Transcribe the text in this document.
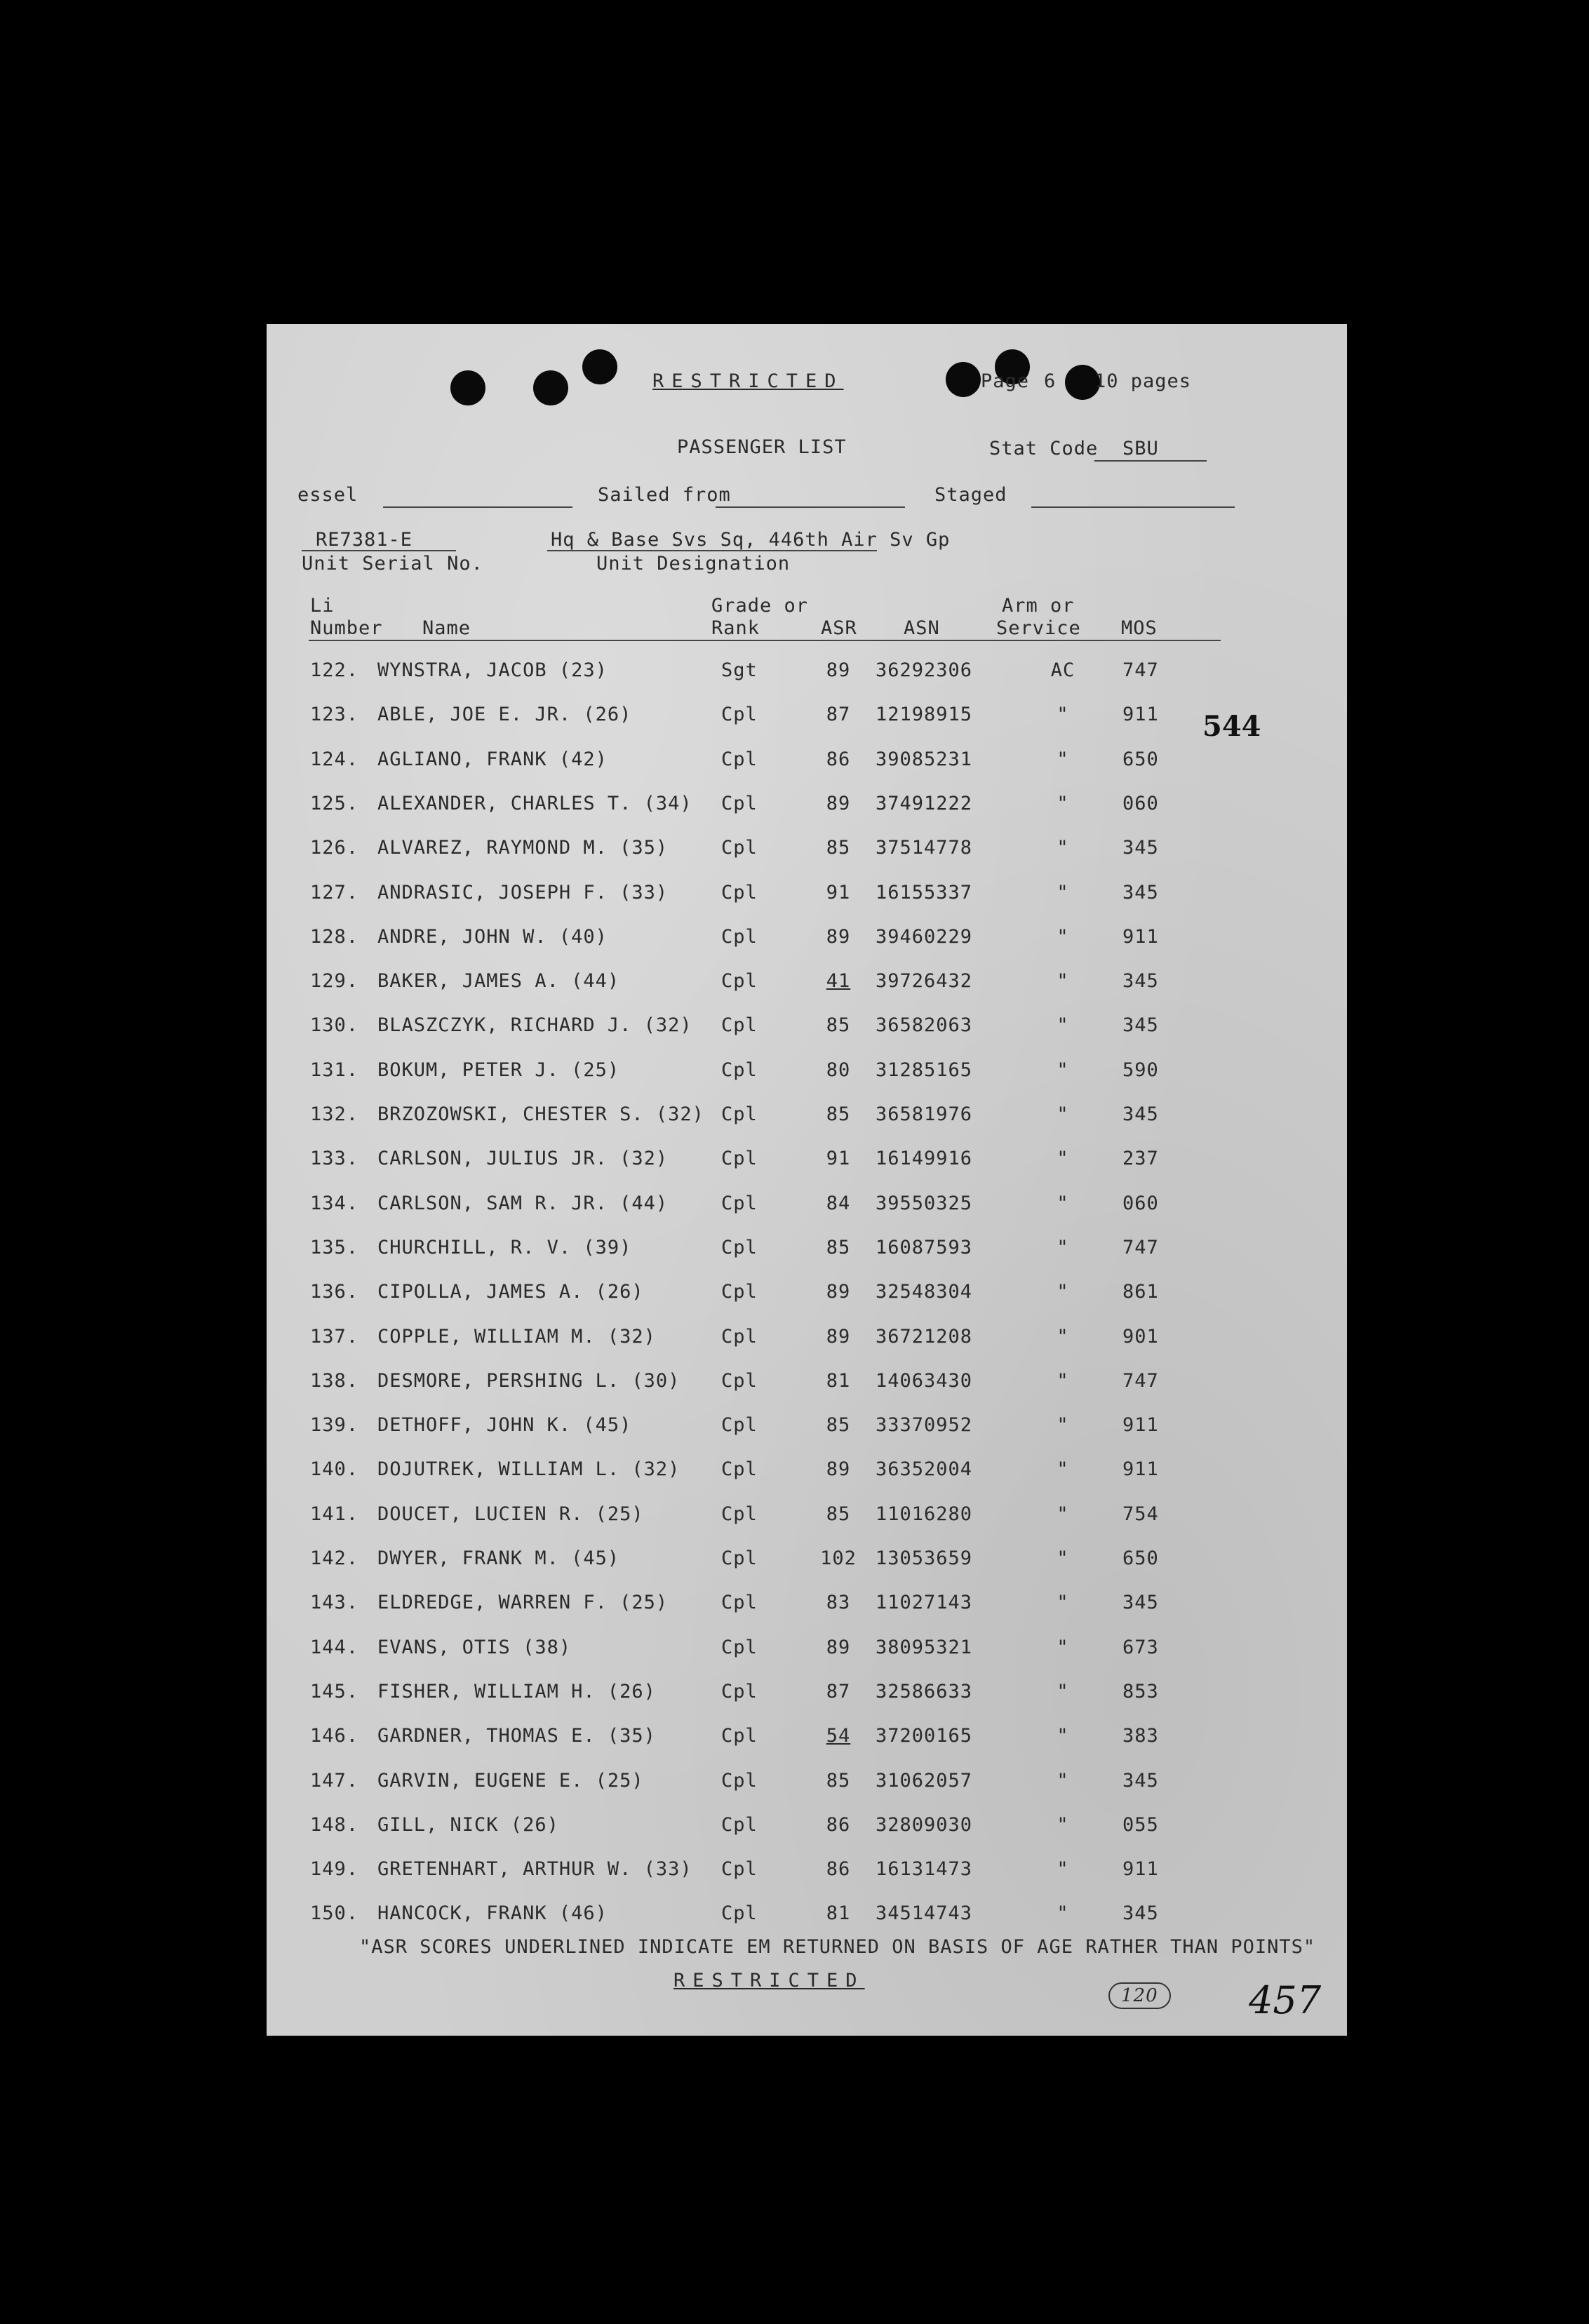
RESTRICTED	Page 6 10 pages
PASSENGER LIST	Stat Code SBU
essel	Sailed from	Staged
RE7381-E	Hq & Base Svs Sq, 446th Air Sv Gp
Unit Serial No.	Unit Designation
Li
Number Name
Grade or
Rank	ASR ASN
Arm or
Service MOS
122. WYNSTRA, JACOB (23)	Sgt	89	36292306	AC	747
123. ABLE, JOE E. JR. (26)	Cpl	87	12198915	"	911
124. AGLIANO, FRANK (42)	Cpl	86	39085231	"	650
125. ALEXANDER, CHARLES T. (34) Cpl	89	37491222	"	060
126. ALVAREZ, RAYMOND M. (35)	Cpl	85	37514778	"	345
127. ANDRASIC, JOSEPH F. (33)	Cpl	91	16155337	"	345
128. ANDRE, JOHN W. (40)	Cpl	89	39460229	"	911
129. BAKER, JAMES A. (44)	Cpl	41	39726432	"	345
130. BLASZCZYK, RICHARD J. (32) Cpl	85	36582063	"	345
131. BOKUM, PETER J. (25)	Cpl	80	31285165	"	590
132. BRZOZOWSKI, CHESTER S. (32) Cpl	85	36581976	"	345
133. CARLSON, JULIUS JR. (32)	Cpl	91	16149916	"	237
134. CARLSON, SAM R. JR. (44)	Cpl	84	39550325	"	060
135. CHURCHILL, R. V. (39)	Cpl	85	16087593	"	747
136. CIPOLLA, JAMES A. (26)	Cpl	89	32548304	"	861
137. COPPLE, WILLIAM M. (32)	Cpl	89	36721208	"	901
138. DESMORE, PERSHING L. (30) Cpl	81	14063430	"	747
139. DETHOFF, JOHN K. (45)	Cpl	85	33370952	"	911
140. DOJUTREK, WILLIAM L. (32) Cpl	89	36352004	"	911
141. DOUCET, LUCIEN R. (25)	Cpl	85	11016280	"	754
142. DWYER, FRANK M. (45)	Cpl	102	13053659	"	650
143. ELDREDGE, WARREN F. (25)	Cpl	83	11027143	"	345
144. EVANS, OTIS (38)	Cpl	89	38095321	"	673
145. FISHER, WILLIAM H. (26)	Cpl	87	32586633	"	853
146. GARDNER, THOMAS E. (35)	Cpl	54	37200165	"	383
147. GARVIN, EUGENE E. (25)	Cpl	85	31062057	"	345
148. GILL, NICK (26)	Cpl	86	32809030	"	055
149. GRETENHART, ARTHUR W. (33) Cpl	86	16131473	"	911
150. HANCOCK, FRANK (46)	Cpl	81	34514743	"	345
544
"ASR SCORES UNDERLINED INDICATE EM RETURNED ON BASIS OF AGE RATHER THAN POINTS"
RESTRICTED
120	457
